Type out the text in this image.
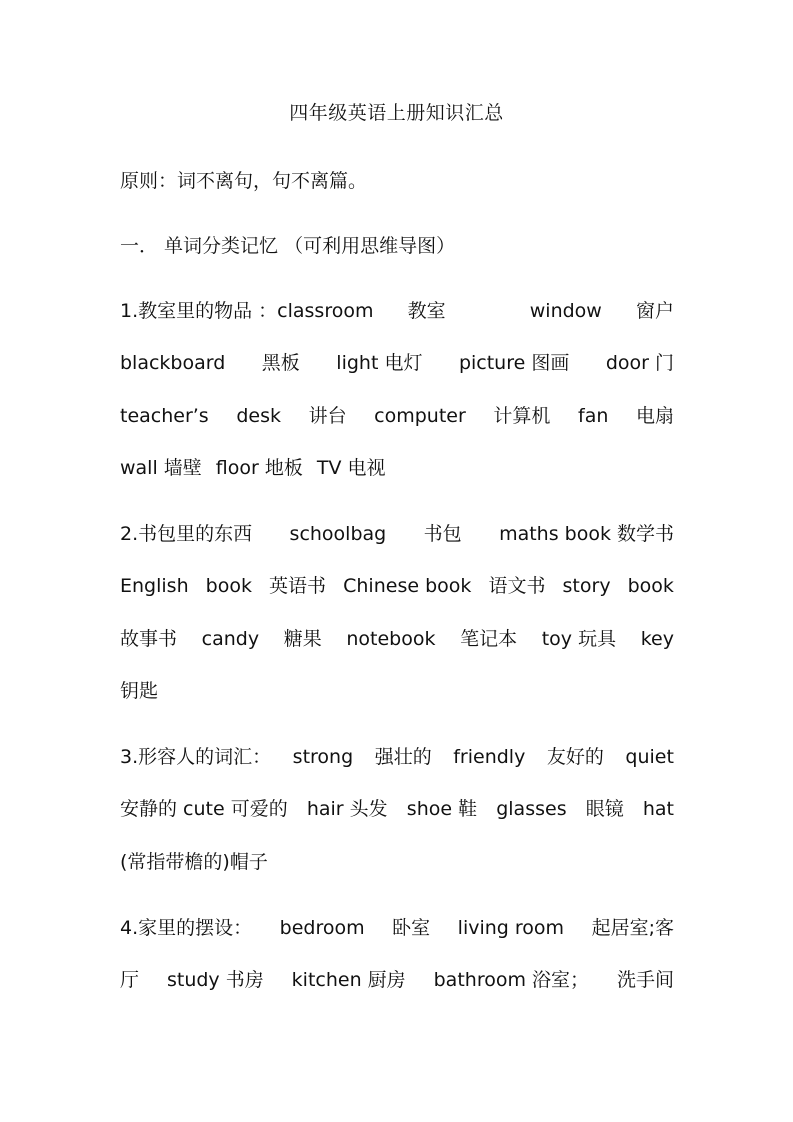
四年级英语上册知识汇总
原则：词不离句，句不离篇。
一． 单词分类记忆 （可利用思维导图）
1.教室里的物品 ：classroom 教室	window 窗户
blackboard 黑板 light 电灯 picture 图画 door 门
teacher’s desk 讲台 computer 计算机 fan 电扇
wall 墙壁 floor 地板 TV 电视
2.书包里的东西 schoolbag 书包 maths book 数学书
English book 英语书 Chinese book 语文书 story book
故事书 candy 糖果 notebook 笔记本 toy 玩具 key
钥匙
3.形容人的词汇： strong 强壮的 friendly 友好的 quiet
安静的 cute 可爱的 hair 头发 shoe 鞋 glasses 眼镜 hat
(常指带檐的)帽子
4.家里的摆设： bedroom 卧室 living room 起居室;客
厅 study 书房 kitchen 厨房 bathroom 浴室； 洗手间
